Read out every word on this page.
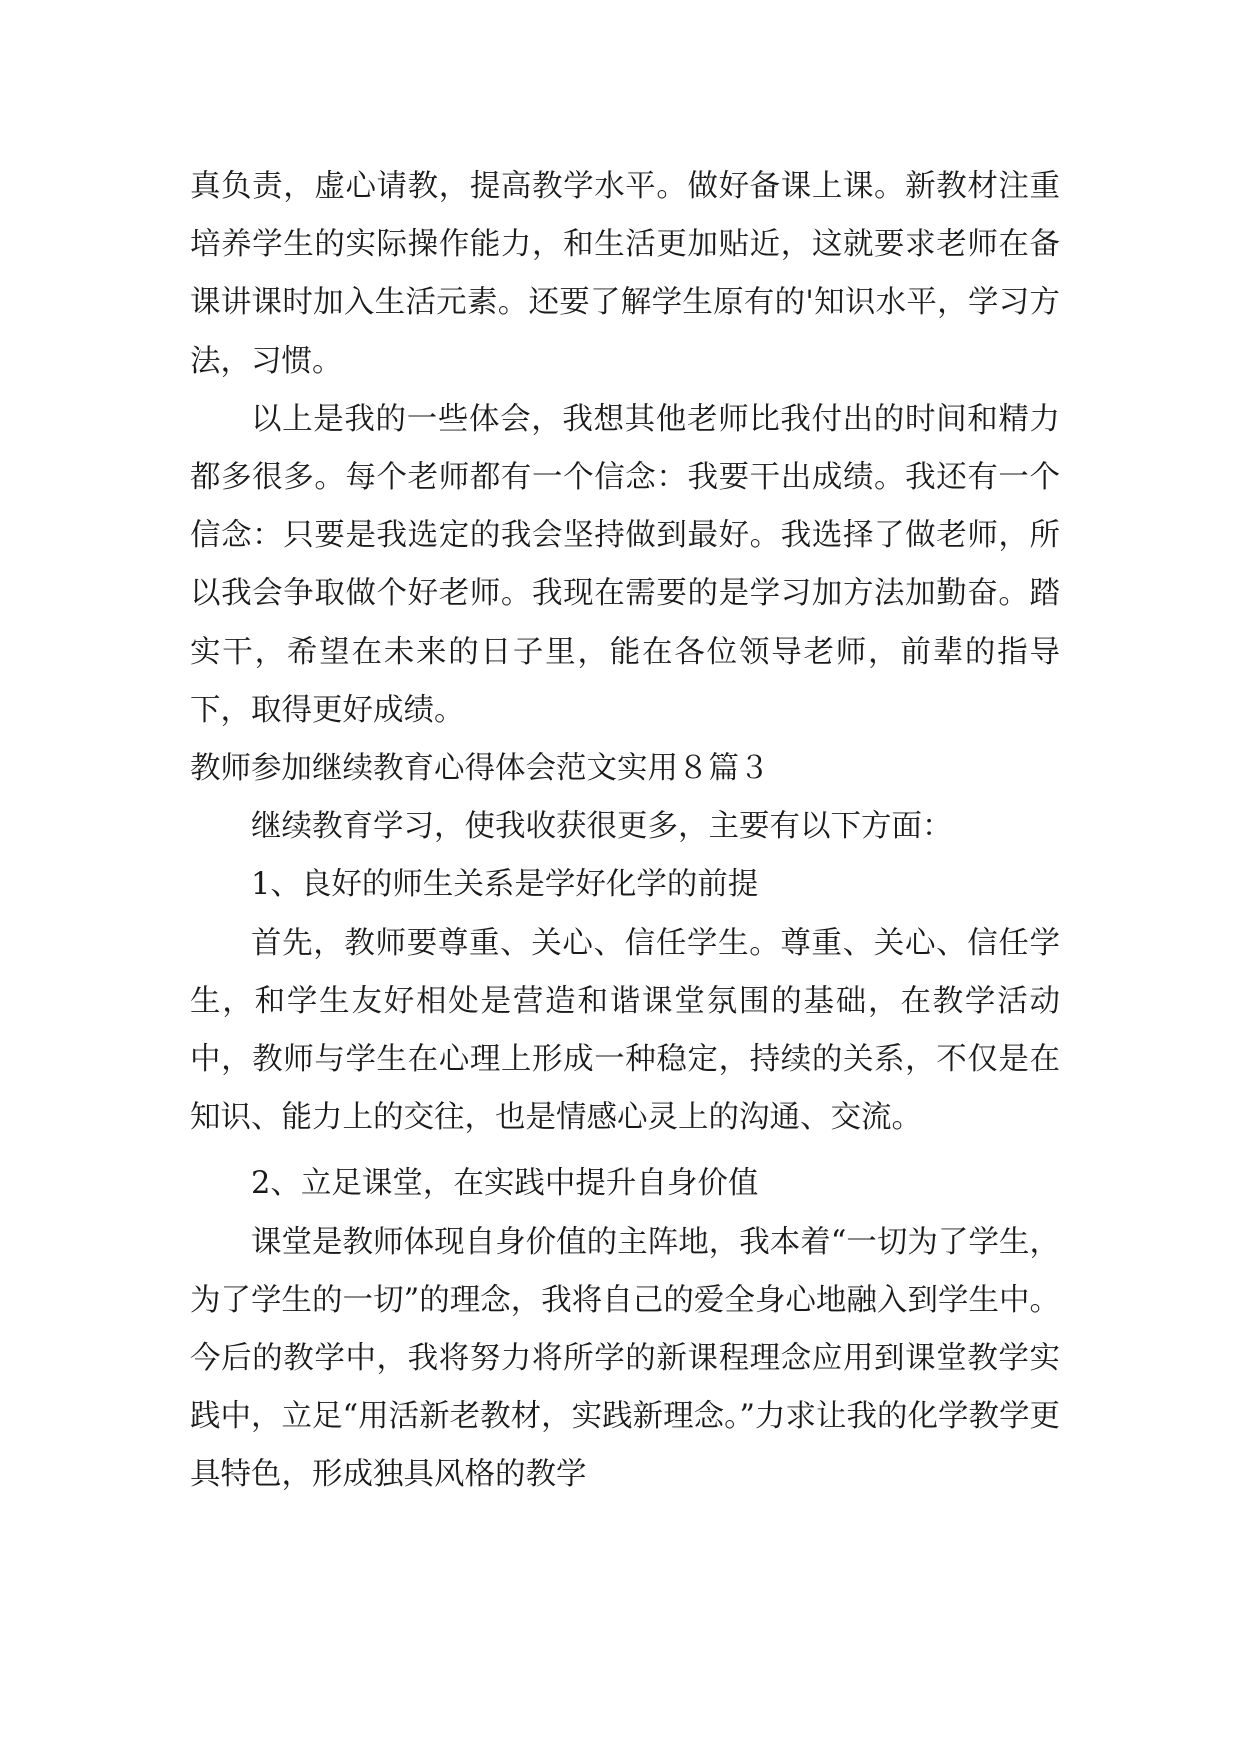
真负责，虚心请教，提高教学水平。做好备课上课。新教材注重培养学生的实际操作能力，和生活更加贴近，这就要求老师在备课讲课时加入生活元素。还要了解学生原有的'知识水平，学习方法，习惯。

以上是我的一些体会，我想其他老师比我付出的时间和精力都多很多。每个老师都有一个信念：我要干出成绩。我还有一个信念：只要是我选定的我会坚持做到最好。我选择了做老师，所以我会争取做个好老师。我现在需要的是学习加方法加勤奋。踏实干，希望在未来的日子里，能在各位领导老师，前辈的指导下，取得更好成绩。

教师参加继续教育心得体会范文实用８篇３

继续教育学习，使我收获很更多，主要有以下方面：

1、良好的师生关系是学好化学的前提

首先，教师要尊重、关心、信任学生。尊重、关心、信任学生，和学生友好相处是营造和谐课堂氛围的基础，在教学活动中，教师与学生在心理上形成一种稳定，持续的关系，不仅是在知识、能力上的交往，也是情感心灵上的沟通、交流。

2、立足课堂，在实践中提升自身价值

课堂是教师体现自身价值的主阵地，我本着“一切为了学生，为了学生的一切”的理念，我将自己的爱全身心地融入到学生中。今后的教学中，我将努力将所学的新课程理念应用到课堂教学实践中，立足“用活新老教材，实践新理念。”力求让我的化学教学更具特色，形成独具风格的教学
